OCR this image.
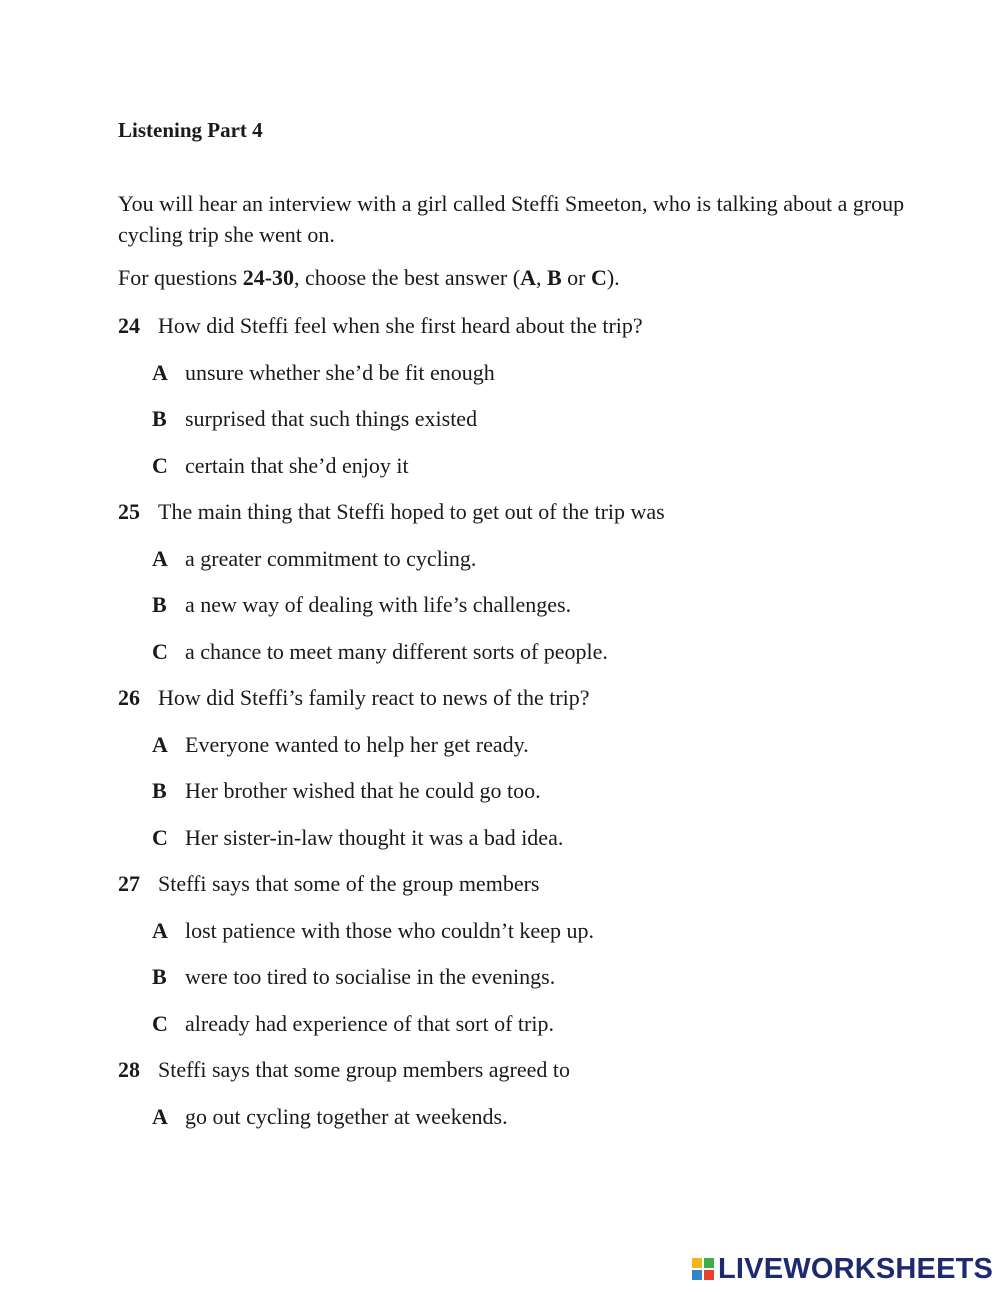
Listening Part 4

You will hear an interview with a girl called Steffi Smeeton, who is talking about a group cycling trip she went on.

For questions 24-30, choose the best answer (A, B or C).

24 How did Steffi feel when she first heard about the trip?
A unsure whether she’d be fit enough
B surprised that such things existed
C certain that she’d enjoy it
25 The main thing that Steffi hoped to get out of the trip was
A a greater commitment to cycling.
B a new way of dealing with life’s challenges.
C a chance to meet many different sorts of people.
26 How did Steffi’s family react to news of the trip?
A Everyone wanted to help her get ready.
B Her brother wished that he could go too.
C Her sister-in-law thought it was a bad idea.
27 Steffi says that some of the group members
A lost patience with those who couldn’t keep up.
B were too tired to socialise in the evenings.
C already had experience of that sort of trip.
28 Steffi says that some group members agreed to
A go out cycling together at weekends.
LIVEWORKSHEETS
